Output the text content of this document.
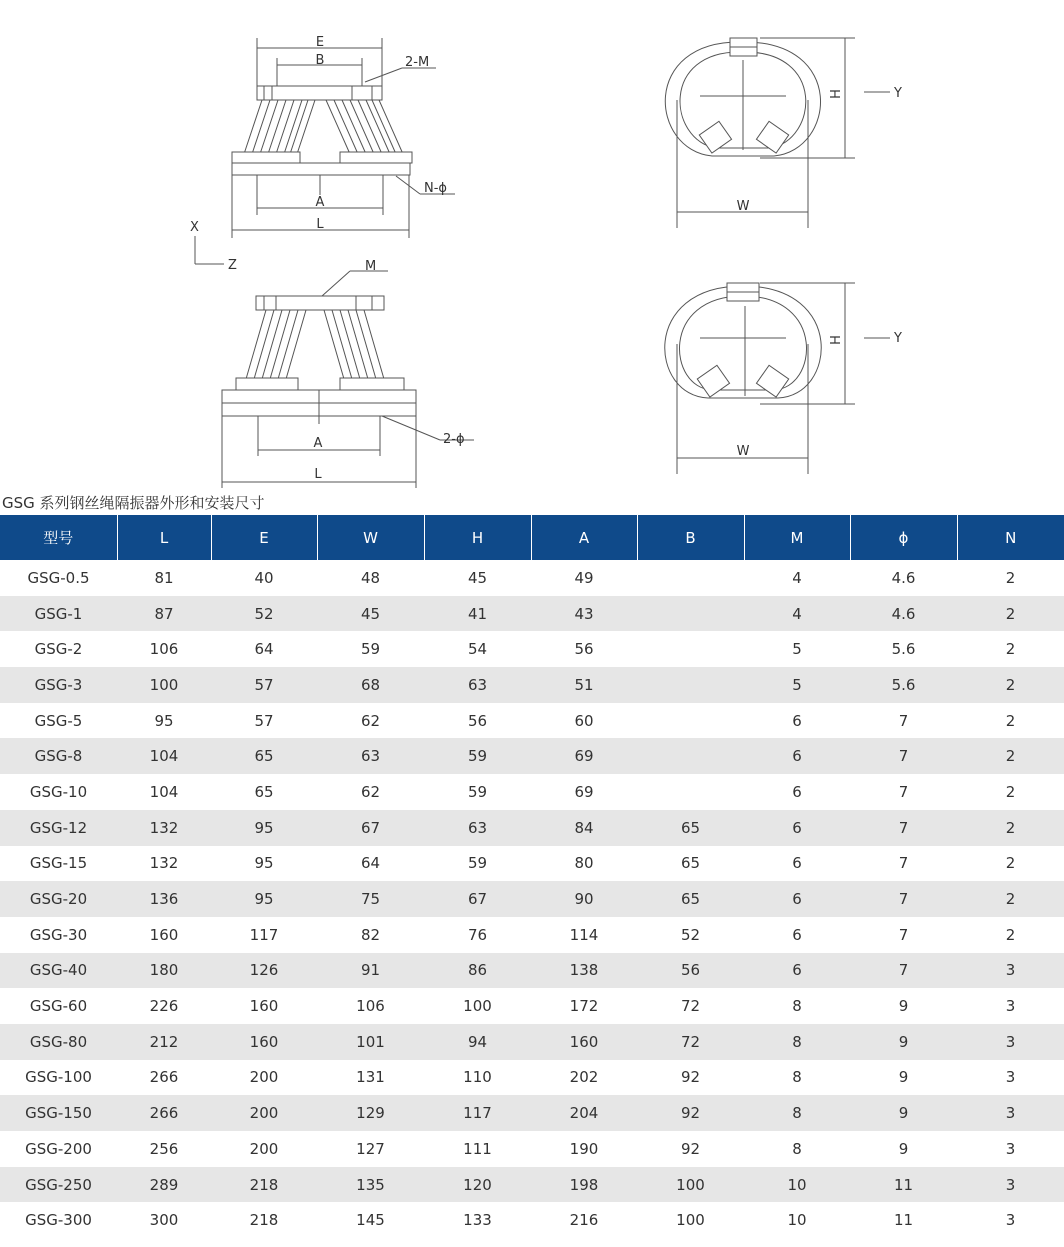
E
B	2-M
N-ϕ
A
L
X
Z	M
2-ϕ
A
L
H	Y
W
H	Y
W
GSG 系列钢丝绳隔振器外形和安装尺寸
型号	L	E	W	H	A	B	M	ϕ	N
GSG-0.5	81	40	48	45	49		4	4.6	2
GSG-1	87	52	45	41	43		4	4.6	2
GSG-2	106	64	59	54	56		5	5.6	2
GSG-3	100	57	68	63	51		5	5.6	2
GSG-5	95	57	62	56	60		6	7	2
GSG-8	104	65	63	59	69		6	7	2
GSG-10	104	65	62	59	69		6	7	2
GSG-12	132	95	67	63	84	65	6	7	2
GSG-15	132	95	64	59	80	65	6	7	2
GSG-20	136	95	75	67	90	65	6	7	2
GSG-30	160	117	82	76	114	52	6	7	2
GSG-40	180	126	91	86	138	56	6	7	3
GSG-60	226	160	106	100	172	72	8	9	3
GSG-80	212	160	101	94	160	72	8	9	3
GSG-100	266	200	131	110	202	92	8	9	3
GSG-150	266	200	129	117	204	92	8	9	3
GSG-200	256	200	127	111	190	92	8	9	3
GSG-250	289	218	135	120	198	100	10	11	3
GSG-300	300	218	145	133	216	100	10	11	3
